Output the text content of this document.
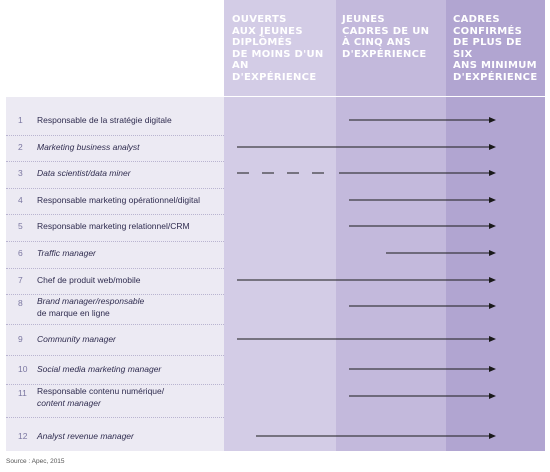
OUVERTS
AUX JEUNES
DIPLÔMÉS
DE MOINS D'UN
AN D'EXPÉRIENCE
JEUNES
CADRES DE UN
À CINQ ANS
D'EXPÉRIENCE
CADRES
CONFIRMÉS
DE PLUS DE SIX
ANS MINIMUM
D'EXPÉRIENCE
1 Responsable de la stratégie digitale
2 Marketing business analyst
3 Data scientist/data miner
4 Responsable marketing opérationnel/digital
5 Responsable marketing relationnel/CRM
6 Traffic manager
7 Chef de produit web/mobile
8 Brand manager/responsable
de marque en ligne
9 Community manager
10 Social media marketing manager
11 Responsable contenu numérique/
content manager
12 Analyst revenue manager
Source : Apec, 2015
